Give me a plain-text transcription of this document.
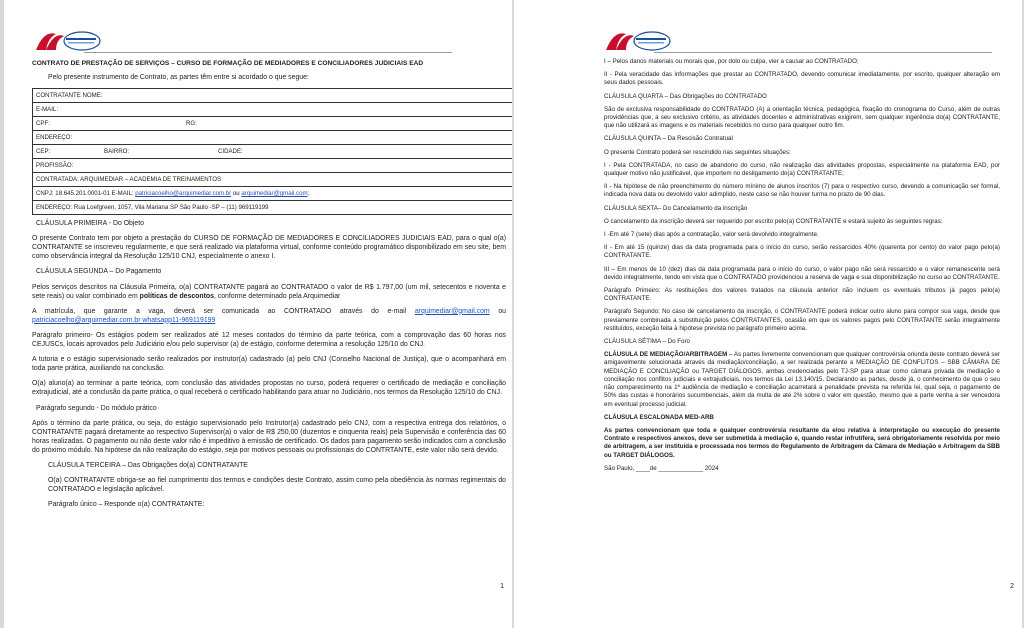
CONTRATO DE PRESTAÇÃO DE SERVIÇOS – CURSO DE FORMAÇÃO DE MEDIADORES E CONCILIADORES JUDICIAIS EAD
Pelo presente instrumento de Contrato, as partes têm entre si acordado o que segue:
CONTRATANTE NOME:
E-MAIL:
CPF:	RG:
ENDEREÇO:
CEP:	BAIRRO:	CIDADE:
PROFISSÃO:
CONTRATADA: ARQUIMEDIAR – ACADEMIA DE TREINAMENTOS
CNPJ: 18.645.201.0001-01 E-MAIL: patriciacoelho@arquimediar.com.br ou arquimediar@gmail.com;
ENDEREÇO: Rua Loefgreen, 1057, Vila Mariana SP São Paulo -SP – (11) 969119199
CLÁUSULA PRIMEIRA - Do Objeto
O presente Contrato tem por objeto a prestação do CURSO DE FORMAÇÃO DE MEDIADORES E CONCILIADORES JUDICIAIS EAD, para o qual o(a) CONTRATANTE se inscreveu regularmente, e que será realizado via plataforma virtual, conforme conteúdo programático disponibilizado em seu site, bem como observância integral da Resolução 125/10 CNJ, especialmente o anexo I.
CLÁUSULA SEGUNDA – Do Pagamento
Pelos serviços descritos na Cláusula Primeira, o(a) CONTRATANTE pagará ao CONTRATADO o valor de R$ 1.797,00 (um mil, setecentos e noventa e sete reais) ou valor combinado em políticas de descontos, conforme determinado pela Arquimediar
A matrícula, que garante a vaga, deverá ser comunicada ao CONTRATADO através do e-mail arquimediar@gmail.com ou patriciacoelho@arquimediar.com.br whatsapp11-969119199
Parágrafo primeiro- Os estágios podem ser realizados até 12 meses contados do término da parte teórica, com a comprovação das 60 horas nos CEJUSCs, locais aprovados pelo Judiciário e/ou pelo supervisor (a) de estágio, conforme determina a resolução 125/10 do CNJ.
A tutoria e o estágio supervisionado serão realizados por instrutor(a) cadastrado (a) pelo CNJ (Conselho Nacional de Justiça), que o acompanhará em toda parte prática, auxiliando na conclusão.
O(a) aluno(a) ao terminar a parte teórica, com conclusão das atividades propostas no curso, poderá requerer o certificado de mediação e conciliação extrajudicial, até a conclusão da parte prática, o qual receberá o certificado habilitando para atuar no Judiciário, nos termos da Resolução 125/10 do CNJ.
Parágrafo segundo - Do módulo prático
Após o término da parte prática, ou seja, do estágio supervisionado pelo Instrutor(a) cadastrado pelo CNJ, com a respectiva entrega dos relatórios, o CONTRATANTE pagará diretamente ao respectivo Supervisor(a) o valor de R$ 250,00 (duzentos e cinquenta reais) pela Supervisão e conferência das 60 horas realizadas. O pagamento ou não deste valor não é impeditivo à emissão de certificado. Os dados para pagamento serão indicados com a conclusão do próximo módulo. Na hipótese da não realização do estágio, seja por motivos pessoais ou profissionais do CONTRTANTE, este valor não será devido.
CLÁUSULA TERCEIRA – Das Obrigações do(a) CONTRATANTE
O(a) CONTRATANTE obriga-se ao fiel cumprimento dos termos e condições deste Contrato, assim como pela obediência às normas regimentais do CONTRATADO e legislação aplicável.
Parágrafo único – Responde o(a) CONTRATANTE:
1
I – Pelos danos materiais ou morais que, por dolo ou culpa, vier a causar ao CONTRATADO;
II - Pela veracidade das informações que prestar ao CONTRATADO, devendo comunicar imediatamente, por escrito, qualquer alteração em seus dados pessoais.
CLÁUSULA QUARTA – Das Obrigações do CONTRATADO
São de exclusiva responsabilidade do CONTRATADO (A) a orientação técnica, pedagógica, fixação do cronograma do Curso, além de outras providências que, a seu exclusivo critério, as atividades docentes e administrativas exigirem, sem qualquer ingerência do(a) CONTRATANTE, que não utilizará as imagens e os materiais recebidos no curso para qualquer outro fim.
CLÁUSULA QUINTA – Da Rescisão Contratual
O presente Contrato poderá ser rescindido nas seguintes situações:
I - Pela CONTRATADA, no caso de abandono do curso, não realização das atividades propostas, especialmente na plataforma EAD, por qualquer motivo não justificável, que importem no desligamento do(a) CONTRATANTE;
II - Na hipótese de não preenchimento do número mínimo de alunos inscritos (7) para o respectivo curso, devendo a comunicação ser formal, indicada nova data ou devolvido valor adimplido, neste caso se não houver turma no prazo de 90 dias.
CLÁUSULA SEXTA– Do Cancelamento da inscrição
O cancelamento da inscrição deverá ser requerido por escrito pelo(a) CONTRATANTE e estará sujeito às seguintes regras:
I -Em até 7 (sete) dias após a contratação, valor será devolvido integralmente.
II - Em até 15 (quinze) dias da data programada para o início do curso, serão ressarcidos 40% (quarenta por cento) do valor pago pelo(a) CONTRATANTE.
III – Em menos de 10 (dez) dias da data programada para o início do curso, o valor pago não será ressarcido e o valor remanescente será devido integralmente, tendo em vista que o CONTRATADO providenciou a reserva de vaga e sua disponibilização no curso ao CONTRATANTE.
Parágrafo Primeiro: As restituições dos valores tratados na cláusula anterior não incluem os eventuais tributos já pagos pelo(a) CONTRATANTE.
Parágrafo Segundo: No caso de cancelamento da inscrição, o CONTRATANTE poderá indicar outro aluno para compor sua vaga, desde que previamente combinada a substituição pelos CONTRATANTES, ocasião em que os valores pagos pelo CONTRATANTE serão integralmente restituídos, exceção feita à hipótese prevista no parágrafo primeiro acima.
CLÁUSULA SÉTIMA – Do Foro
CLÁUSULA DE MEDIAÇÃO/ARBITRAGEM – As partes livremente convencionam que qualquer controvérsia oriunda deste contrato deverá ser amigavelmente solucionada através da mediação/conciliação, a ser realizada perante a MEDIAÇÃO DE CONFLITOS – SBB CÂMARA DE MEDIAÇÃO E CONCILIAÇÃO ou TARGET DIÁLOGOS, ambas credenciadas pelo TJ-SP para atuar como câmara privada de mediação e conciliação nos conflitos judiciais e extrajudiciais, nos termos da Lei 13.140/15. Declarando as partes, desde já, o conhecimento de que o seu não comparecimento na 1ª audiência de mediação e conciliação acarretará a penalidade prevista na referida lei, qual seja, o pagamento de 50% das custas e honorários sucumbenciais, além da multa de até 2% sobre o valor em questão, mesmo que a parte venha a ser vencedora em eventual processo judicial.
CLÁUSULA ESCALONADA MED-ARB
As partes convencionam que toda e qualquer controvérsia resultante da e/ou relativa à interpretação ou execução do presente Contrato e respectivos anexos, deve ser submetida à mediação e, quando restar infrutífera, será obrigatoriamente resolvida por meio de arbitragem, a ser instituída e processada nos termos do Regulamento de Arbitragem da Câmara de Mediação e Arbitragem da SBB ou TARGET DIÁLOGOS.
São Paulo, ____de _____________ 2024
2
